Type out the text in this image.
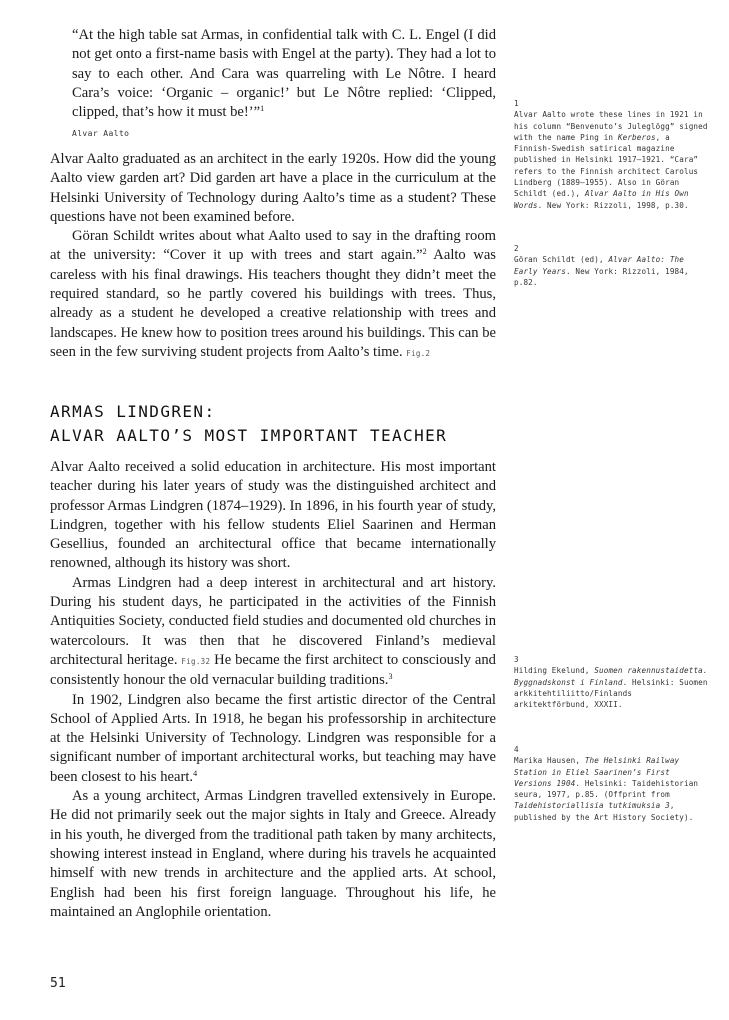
“At the high table sat Armas, in confidential talk with C. L. Engel (I did not get onto a first-name basis with Engel at the party). They had a lot to say to each other. And Cara was quarreling with Le Nôtre. I heard Cara’s voice: ‘Organic – organic!’ but Le Nôtre replied: ‘Clipped, clipped, that’s how it must be!’”$^1$

Alvar Aalto

Alvar Aalto graduated as an architect in the early 1920s. How did the young Aalto view garden art? Did garden art have a place in the curriculum at the Helsinki University of Technology during Aalto’s time as a student? These questions have not been examined before.

Göran Schildt writes about what Aalto used to say in the drafting room at the university: “Cover it up with trees and start again.”$^2$ Aalto was careless with his final drawings. His teachers thought they didn’t meet the required standard, so he partly covered his buildings with trees. Thus, already as a student he developed a creative relationship with trees and landscapes. He knew how to position trees around his buildings. This can be seen in the few surviving student projects from Aalto’s time. Fig.2

ARMAS LINDGREN:
ALVAR AALTO’S MOST IMPORTANT TEACHER

Alvar Aalto received a solid education in architecture. His most important teacher during his later years of study was the distinguished architect and professor Armas Lindgren (1874–1929). In 1896, in his fourth year of study, Lindgren, together with his fellow students Eliel Saarinen and Herman Gesellius, founded an architectural office that became internationally renowned, although its history was short.

Armas Lindgren had a deep interest in architectural and art history. During his student days, he participated in the activities of the Finnish Antiquities Society, conducted field studies and documented old churches in watercolours. It was then that he discovered Finland’s medieval architectural heritage. Fig.32 He became the first architect to consciously and consistently honour the old vernacular building traditions.$^3$

In 1902, Lindgren also became the first artistic director of the Central School of Applied Arts. In 1918, he began his professorship in architecture at the Helsinki University of Technology. Lindgren was responsible for a significant number of important architectural works, but teaching may have been closest to his heart.$^4$

As a young architect, Armas Lindgren travelled extensively in Europe. He did not primarily seek out the major sights in Italy and Greece. Already in his youth, he diverged from the traditional path taken by many architects, showing interest instead in England, where during his travels he acquainted himself with new trends in architecture and the applied arts. At school, English had been his first foreign language. Throughout his life, he maintained an Anglophile orientation.

1
Alvar Aalto wrote these lines in 1921 in his column “Benvenuto’s Juleglögg” signed with the name Ping in Kerberos, a Finnish-Swedish satirical magazine published in Helsinki 1917–1921. “Cara” refers to the Finnish architect Carolus Lindberg (1889–1955). Also in Göran Schildt (ed.), Alvar Aalto in His Own Words. New York: Rizzoli, 1998, p.30.
2
Göran Schildt (ed), Alvar Aalto: The Early Years. New York: Rizzoli, 1984, p.82.
3
Hilding Ekelund, Suomen rakennustaidetta. Byggnadskonst i Finland. Helsinki: Suomen arkkitehtiliitto/Finlands arkitektförbund, XXXII.
4
Marika Hausen, The Helsinki Railway Station in Eliel Saarinen’s First Versions 1904. Helsinki: Taidehistorian seura, 1977, p.85. (Offprint from Taidehistoriallisia tutkimuksia 3, published by the Art History Society).
51
